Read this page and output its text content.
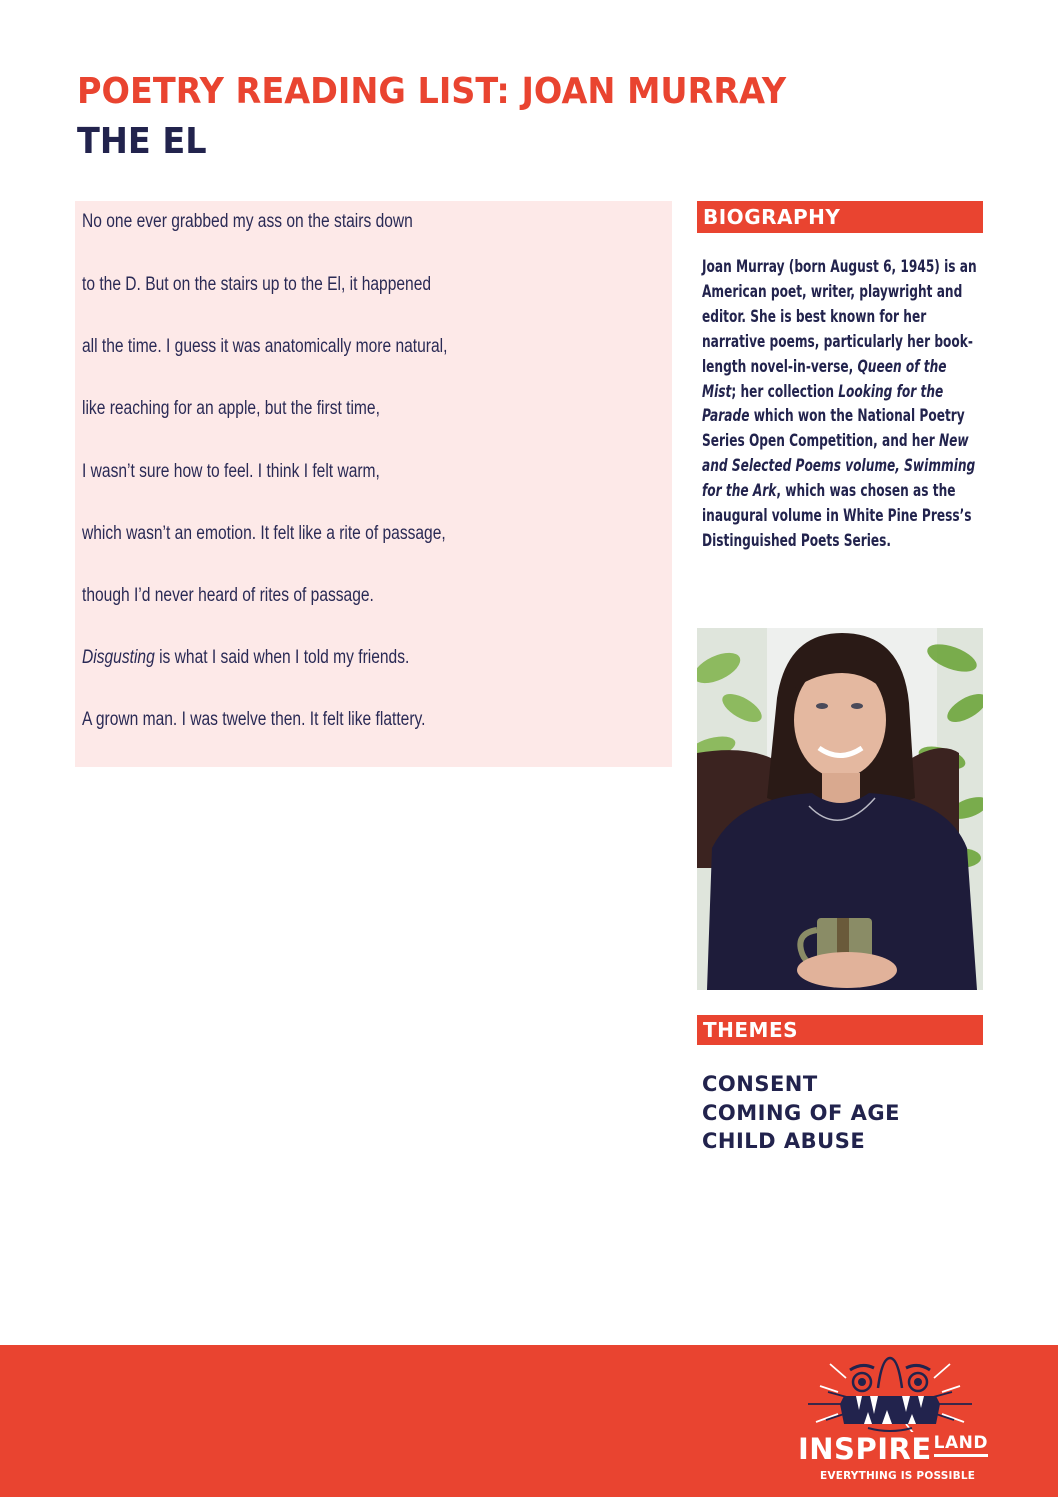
POETRY READING LIST: JOAN MURRAY
THE EL
No one ever grabbed my ass on the stairs down
to the D. But on the stairs up to the El, it happened
all the time. I guess it was anatomically more natural,
like reaching for an apple, but the first time,
I wasn’t sure how to feel. I think I felt warm,
which wasn’t an emotion. It felt like a rite of passage,
though I’d never heard of rites of passage.
Disgusting is what I said when I told my friends.
A grown man. I was twelve then. It felt like flattery.
BIOGRAPHY
Joan Murray (born August 6, 1945) is an American poet, writer, playwright and editor. She is best known for her narrative poems, particularly her book-length novel-in-verse, Queen of the Mist; her collection Looking for the Parade which won the National Poetry Series Open Competition, and her New and Selected Poems volume, Swimming for the Ark, which was chosen as the inaugural volume in White Pine Press’s Distinguished Poets Series.
THEMES
CONSENT
COMING OF AGE
CHILD ABUSE
INSPIRE LAND
EVERYTHING IS POSSIBLE
